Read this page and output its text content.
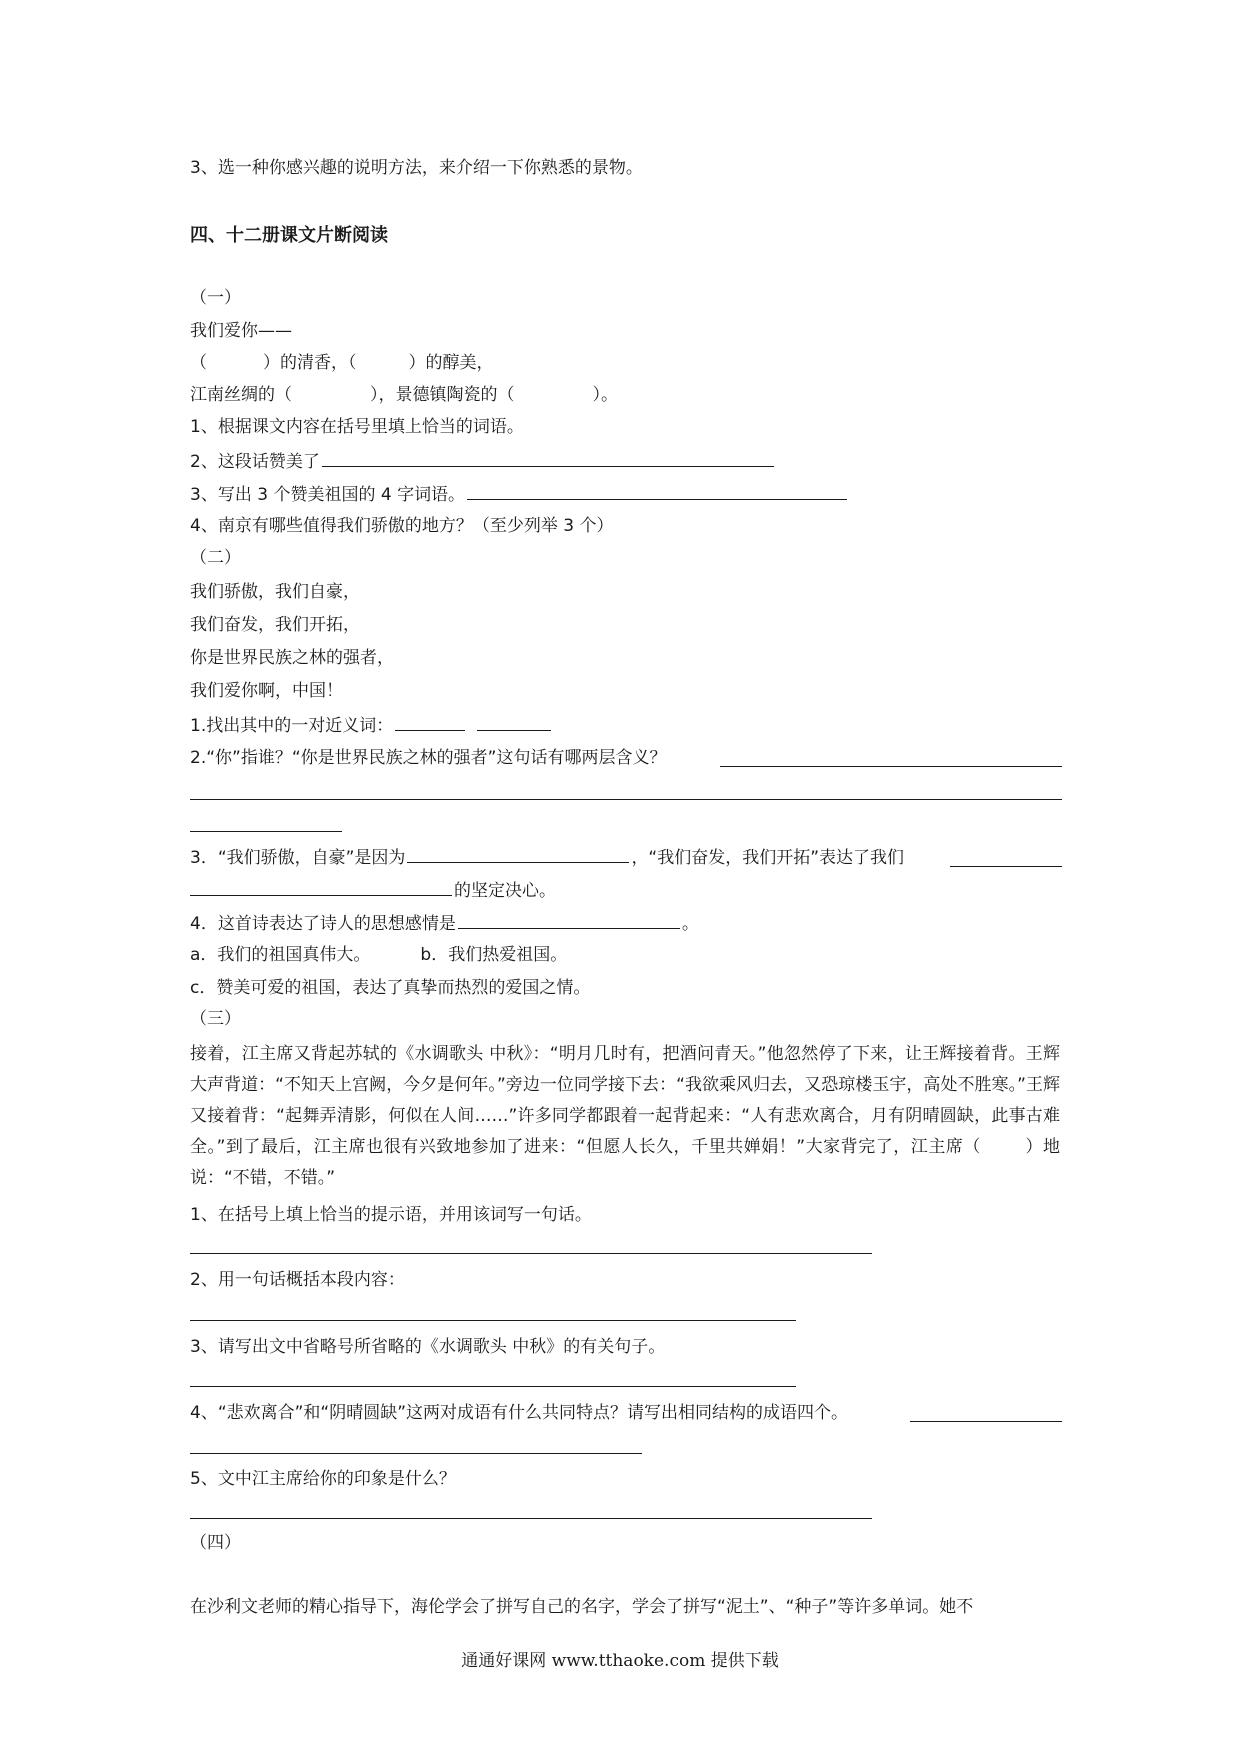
3、选一种你感兴趣的说明方法，来介绍一下你熟悉的景物。
四、十二册课文片断阅读
（一）
我们爱你——
（	）的清香，（	）的醇美，
江南丝绸的（	），景德镇陶瓷的（	）。
1、根据课文内容在括号里填上恰当的词语。
2、这段话赞美了
3、写出 3 个赞美祖国的 4 字词语。
4、南京有哪些值得我们骄傲的地方？（至少列举 3 个）
（二）
我们骄傲，我们自豪，
我们奋发，我们开拓，
你是世界民族之林的强者，
我们爱你啊，中国！
1.找出其中的一对近义词：
2.“你”指谁？“你是世界民族之林的强者”这句话有哪两层含义？
3．“我们骄傲，自豪”是因为	，“我们奋发，我们开拓”表达了我们
的坚定决心。
4．这首诗表达了诗人的思想感情是	。
a．我们的祖国真伟大。	b．我们热爱祖国。
c．赞美可爱的祖国，表达了真挚而热烈的爱国之情。
（三）
接着，江主席又背起苏轼的《水调歌头 中秋》：“明月几时有，把酒问青天。”他忽然停了下来，让王辉接着背。王辉大声背道：“不知天上宫阙，今夕是何年。”旁边一位同学接下去：“我欲乘风归去，又恐琼楼玉宇，高处不胜寒。”王辉又接着背：“起舞弄清影，何似在人间……”许多同学都跟着一起背起来：“人有悲欢离合，月有阴晴圆缺，此事古难全。”到了最后，江主席也很有兴致地参加了进来：“但愿人长久，千里共婵娟！”大家背完了，江主席（	）地说：“不错，不错。”
1、在括号上填上恰当的提示语，并用该词写一句话。
2、用一句话概括本段内容：
3、请写出文中省略号所省略的《水调歌头 中秋》的有关句子。
4、“悲欢离合”和“阴晴圆缺”这两对成语有什么共同特点？请写出相同结构的成语四个。
5、文中江主席给你的印象是什么？
（四）
在沙利文老师的精心指导下，海伦学会了拼写自己的名字，学会了拼写“泥土”、“种子”等许多单词。她不
通通好课网 www.tthaoke.com 提供下载
